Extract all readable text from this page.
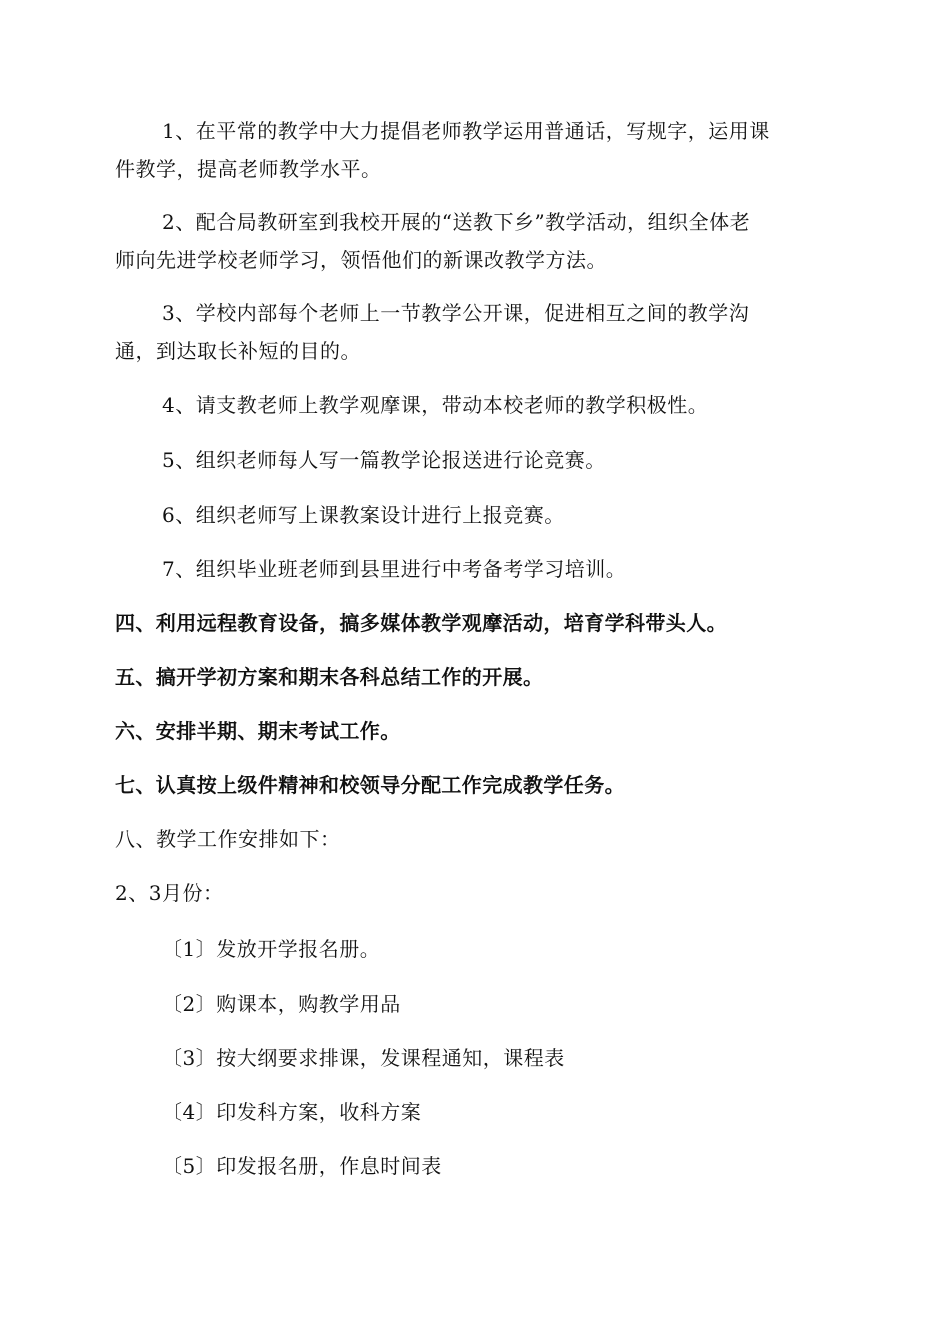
1、在平常的教学中大力提倡老师教学运用普通话，写规字，运用课
件教学，提高老师教学水平。
2、配合局教研室到我校开展的“送教下乡”教学活动，组织全体老
师向先进学校老师学习，领悟他们的新课改教学方法。
3、学校内部每个老师上一节教学公开课，促进相互之间的教学沟
通，到达取长补短的目的。
4、请支教老师上教学观摩课，带动本校老师的教学积极性。
5、组织老师每人写一篇教学论报送进行论竞赛。
6、组织老师写上课教案设计进行上报竞赛。
7、组织毕业班老师到县里进行中考备考学习培训。
四、利用远程教育设备，搞多媒体教学观摩活动，培育学科带头人。
五、搞开学初方案和期末各科总结工作的开展。
六、安排半期、期末考试工作。
七、认真按上级件精神和校领导分配工作完成教学任务。
八、教学工作安排如下：
2、3月份：
〔1〕发放开学报名册。
〔2〕购课本，购教学用品
〔3〕按大纲要求排课，发课程通知，课程表
〔4〕印发科方案，收科方案
〔5〕印发报名册，作息时间表
